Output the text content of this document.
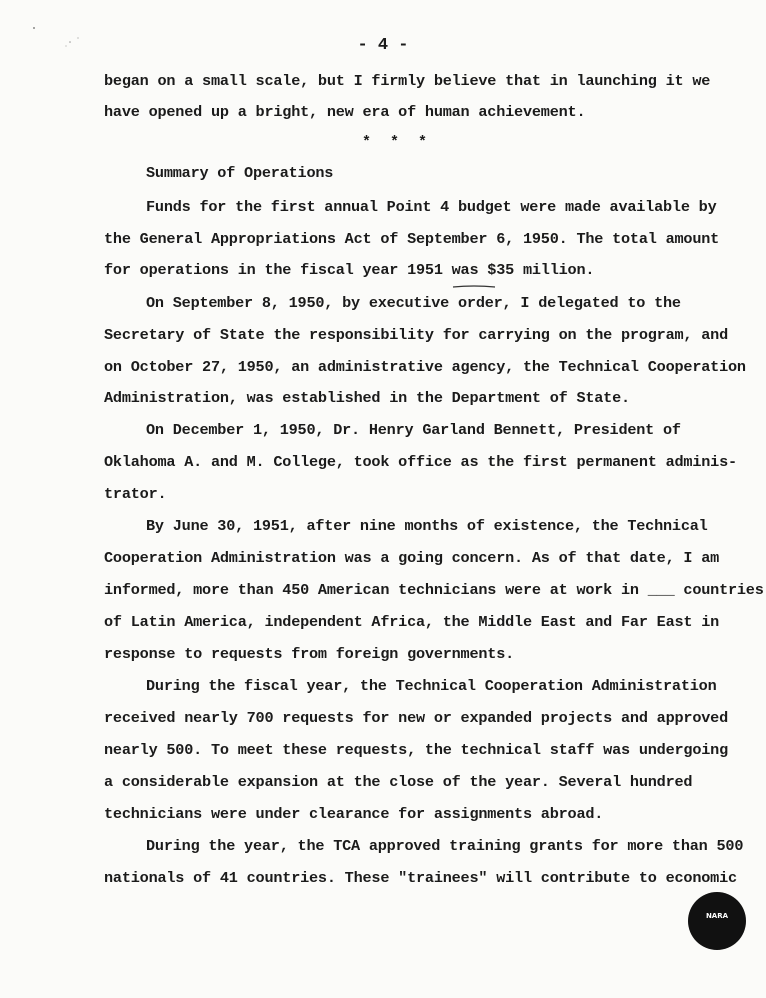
- 4 -
began on a small scale, but I firmly believe that in launching it we
have opened up a bright, new era of human achievement.
* * *
Summary of Operations
Funds for the first annual Point 4 budget were made available by
the General Appropriations Act of September 6, 1950. The total amount
for operations in the fiscal year 1951 was $35 million.
On September 8, 1950, by executive order, I delegated to the
Secretary of State the responsibility for carrying on the program, and
on October 27, 1950, an administrative agency, the Technical Cooperation
Administration, was established in the Department of State.
On December 1, 1950, Dr. Henry Garland Bennett, President of
Oklahoma A. and M. College, took office as the first permanent adminis-
trator.
By June 30, 1951, after nine months of existence, the Technical
Cooperation Administration was a going concern. As of that date, I am
informed, more than 450 American technicians were at work in ___ countries
of Latin America, independent Africa, the Middle East and Far East in
response to requests from foreign governments.
During the fiscal year, the Technical Cooperation Administration
received nearly 700 requests for new or expanded projects and approved
nearly 500. To meet these requests, the technical staff was undergoing
a considerable expansion at the close of the year. Several hundred
technicians were under clearance for assignments abroad.
During the year, the TCA approved training grants for more than 500
nationals of 41 countries. These "trainees" will contribute to economic
NARA
